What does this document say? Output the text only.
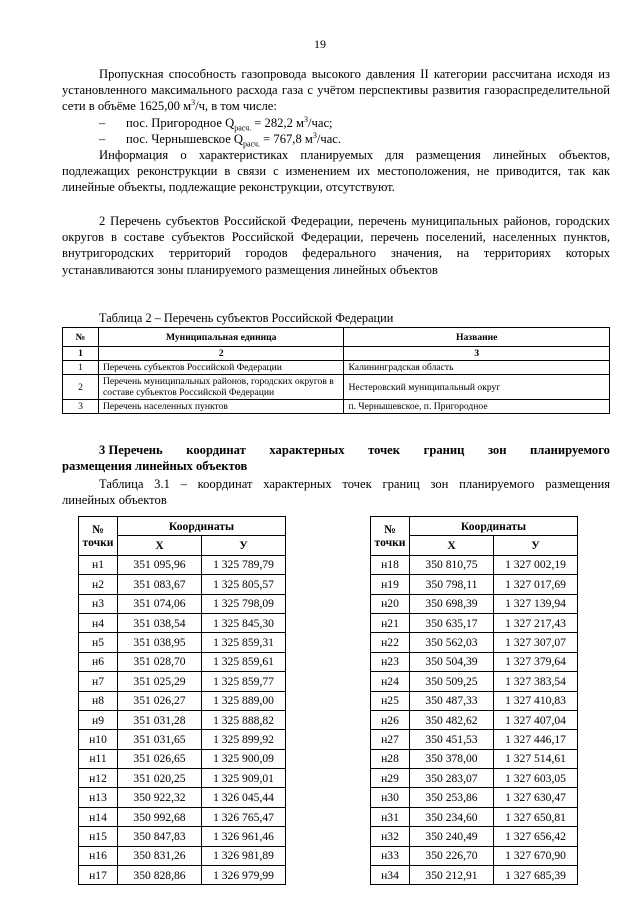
19

Пропускная способность газопровода высокого давления II категории рассчитана исходя из установленного максимального расхода газа с учётом перспективы развития газораспределительной сети в объёме 1625,00 $м^3/ч$, в том числе:

– пос. Пригородное $Q_{расч.} = 282,2$ $м^3$/час;

– пос. Чернышевское $Q_{расч.} = 767,8$ $м^3$/час.

Информация о характеристиках планируемых для размещения линейных объектов, подлежащих реконструкции в связи с изменением их местоположения, не приводится, так как линейные объекты, подлежащие реконструкции, отсутствуют.

2 Перечень субъектов Российской Федерации, перечень муниципальных районов, городских округов в составе субъектов Российской Федерации, перечень поселений, населенных пунктов, внутригородских территорий городов федерального значения, на территориях которых устанавливаются зоны планируемого размещения линейных объектов

Таблица 2 – Перечень субъектов Российской Федерации
№	Муниципальная единица	Название
1	2	3
1	Перечень субъектов Российской Федерации	Калининградская область
2	Перечень муниципальных районов, городских округов в составе субъектов Российской Федерации	Нестеровский муниципальный округ
3	Перечень населенных пунктов	п. Чернышевское, п. Пригородное
3 Перечень координат характерных точек границ зон планируемого
размещения линейных объектов
Таблица 3.1 – координат характерных точек границ зон планируемого размещения
линейных объектов
№
точки	Координаты	
	Х	У
н1	351 095,96	1 325 789,79
н2	351 083,67	1 325 805,57
н3	351 074,06	1 325 798,09
н4	351 038,54	1 325 845,30
н5	351 038,95	1 325 859,31
н6	351 028,70	1 325 859,61
н7	351 025,29	1 325 859,77
н8	351 026,27	1 325 889,00
н9	351 031,28	1 325 888,82
н10	351 031,65	1 325 899,92
н11	351 026,65	1 325 900,09
н12	351 020,25	1 325 909,01
н13	350 922,32	1 326 045,44
н14	350 992,68	1 326 765,47
н15	350 847,83	1 326 961,46
н16	350 831,26	1 326 981,89
н17	350 828,86	1 326 979,99
№
точки	Координаты	
	Х	У
н18	350 810,75	1 327 002,19
н19	350 798,11	1 327 017,69
н20	350 698,39	1 327 139,94
н21	350 635,17	1 327 217,43
н22	350 562,03	1 327 307,07
н23	350 504,39	1 327 379,64
н24	350 509,25	1 327 383,54
н25	350 487,33	1 327 410,83
н26	350 482,62	1 327 407,04
н27	350 451,53	1 327 446,17
н28	350 378,00	1 327 514,61
н29	350 283,07	1 327 603,05
н30	350 253,86	1 327 630,47
н31	350 234,60	1 327 650,81
н32	350 240,49	1 327 656,42
н33	350 226,70	1 327 670,90
н34	350 212,91	1 327 685,39
